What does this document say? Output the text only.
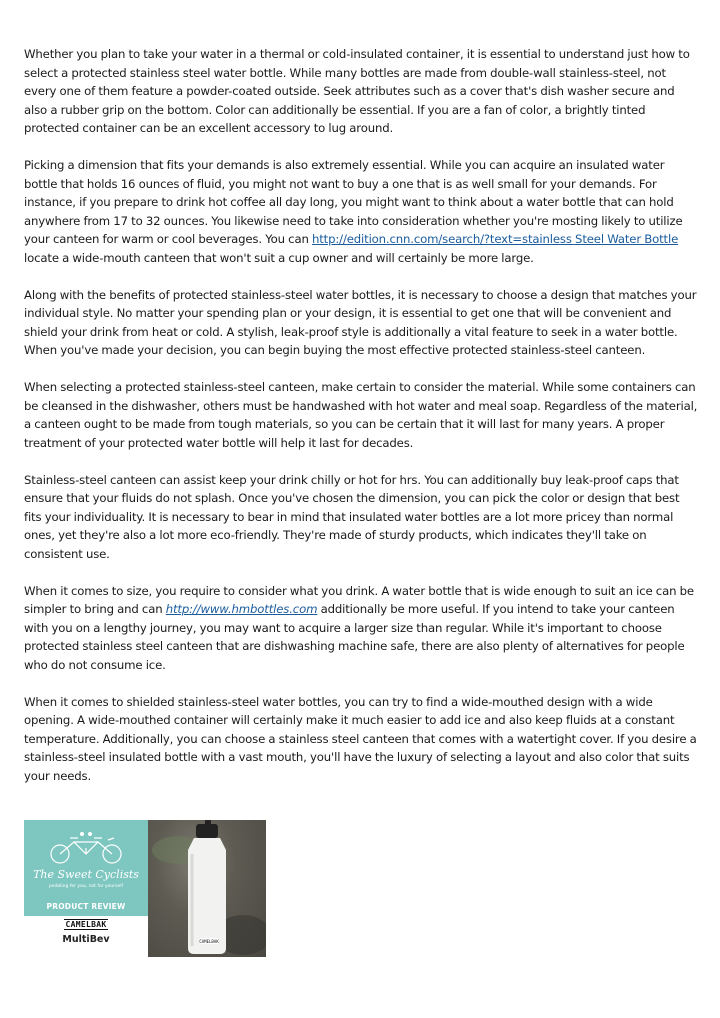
Whether you plan to take your water in a thermal or cold-insulated container, it is essential to understand just how to select a protected stainless steel water bottle. While many bottles are made from double-wall stainless-steel, not every one of them feature a powder-coated outside. Seek attributes such as a cover that's dish washer secure and also a rubber grip on the bottom. Color can additionally be essential. If you are a fan of color, a brightly tinted protected container can be an excellent accessory to lug around.

Picking a dimension that fits your demands is also extremely essential. While you can acquire an insulated water bottle that holds 16 ounces of fluid, you might not want to buy a one that is as well small for your demands. For instance, if you prepare to drink hot coffee all day long, you might want to think about a water bottle that can hold anywhere from 17 to 32 ounces. You likewise need to take into consideration whether you're mosting likely to utilize your canteen for warm or cool beverages. You can http://edition.cnn.com/search/?text=stainless Steel Water Bottle locate a wide-mouth canteen that won't suit a cup owner and will certainly be more large.

Along with the benefits of protected stainless-steel water bottles, it is necessary to choose a design that matches your individual style. No matter your spending plan or your design, it is essential to get one that will be convenient and shield your drink from heat or cold. A stylish, leak-proof style is additionally a vital feature to seek in a water bottle. When you've made your decision, you can begin buying the most effective protected stainless-steel canteen.

When selecting a protected stainless-steel canteen, make certain to consider the material. While some containers can be cleansed in the dishwasher, others must be handwashed with hot water and meal soap. Regardless of the material, a canteen ought to be made from tough materials, so you can be certain that it will last for many years. A proper treatment of your protected water bottle will help it last for decades.

Stainless-steel canteen can assist keep your drink chilly or hot for hrs. You can additionally buy leak-proof caps that ensure that your fluids do not splash. Once you've chosen the dimension, you can pick the color or design that best fits your individuality. It is necessary to bear in mind that insulated water bottles are a lot more pricey than normal ones, yet they're also a lot more eco-friendly. They're made of sturdy products, which indicates they'll take on consistent use.

When it comes to size, you require to consider what you drink. A water bottle that is wide enough to suit an ice can be simpler to bring and can http://www.hmbottles.com additionally be more useful. If you intend to take your canteen with you on a lengthy journey, you may want to acquire a larger size than regular. While it's important to choose protected stainless steel canteen that are dishwashing machine safe, there are also plenty of alternatives for people who do not consume ice.

When it comes to shielded stainless-steel water bottles, you can try to find a wide-mouthed design with a wide opening. A wide-mouthed container will certainly make it much easier to add ice and also keep fluids at a constant temperature. Additionally, you can choose a stainless steel canteen that comes with a watertight cover. If you desire a stainless-steel insulated bottle with a vast mouth, you'll have the luxury of selecting a layout and also color that suits your needs.

The Sweet Cyclists
pedaling for you, not for yourself
PRODUCT REVIEW
CAMELBAK
MultiBev	CAMELBAK
